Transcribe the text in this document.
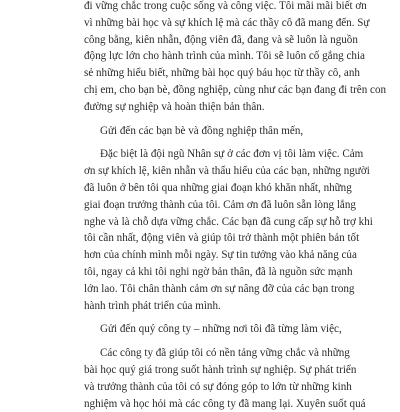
đi vững chắc trong cuộc sống và công việc. Tôi mãi mãi biết ơn
vì những bài học và sự khích lệ mà các thầy cô đã mang đến. Sự
công bằng, kiên nhẫn, động viên đã, đang và sẽ luôn là nguồn
động lực lớn cho hành trình của mình. Tôi sẽ luôn cố gắng chia
sẻ những hiểu biết, những bài học quý báu học từ thầy cô, anh
chị em, cho bạn bè, đồng nghiệp, cùng như các bạn đang đi trên con
đường sự nghiệp và hoàn thiện bản thân.
Gửi đến các bạn bè và đồng nghiệp thân mến,
Đặc biệt là đội ngũ Nhân sự ở các đơn vị tôi làm việc. Cảm
ơn sự khích lệ, kiên nhẫn và thấu hiểu của các bạn, những người
đã luôn ở bên tôi qua những giai đoạn khó khăn nhất, những
giai đoạn trưởng thành của tôi. Cảm ơn đã luôn sẵn lòng lắng
nghe và là chỗ dựa vững chắc. Các bạn đã cung cấp sự hỗ trợ khi
tôi cần nhất, động viên và giúp tôi trở thành một phiên bản tốt
hơn của chính mình mỗi ngày. Sự tin tưởng vào khả năng của
tôi, ngay cả khi tôi nghi ngờ bản thân, đã là nguồn sức mạnh
lớn lao. Tôi chân thành cảm ơn sự nâng đỡ của các bạn trong
hành trình phát triển của mình.
Gửi đến quý công ty – những nơi tôi đã từng làm việc,
Các công ty đã giúp tôi có nền tảng vững chắc và những
bài học quý giá trong suốt hành trình sự nghiệp. Sự phát triển
và trưởng thành của tôi có sự đóng góp to lớn từ những kinh
nghiệm và học hỏi mà các công ty đã mang lại. Xuyên suốt quá
